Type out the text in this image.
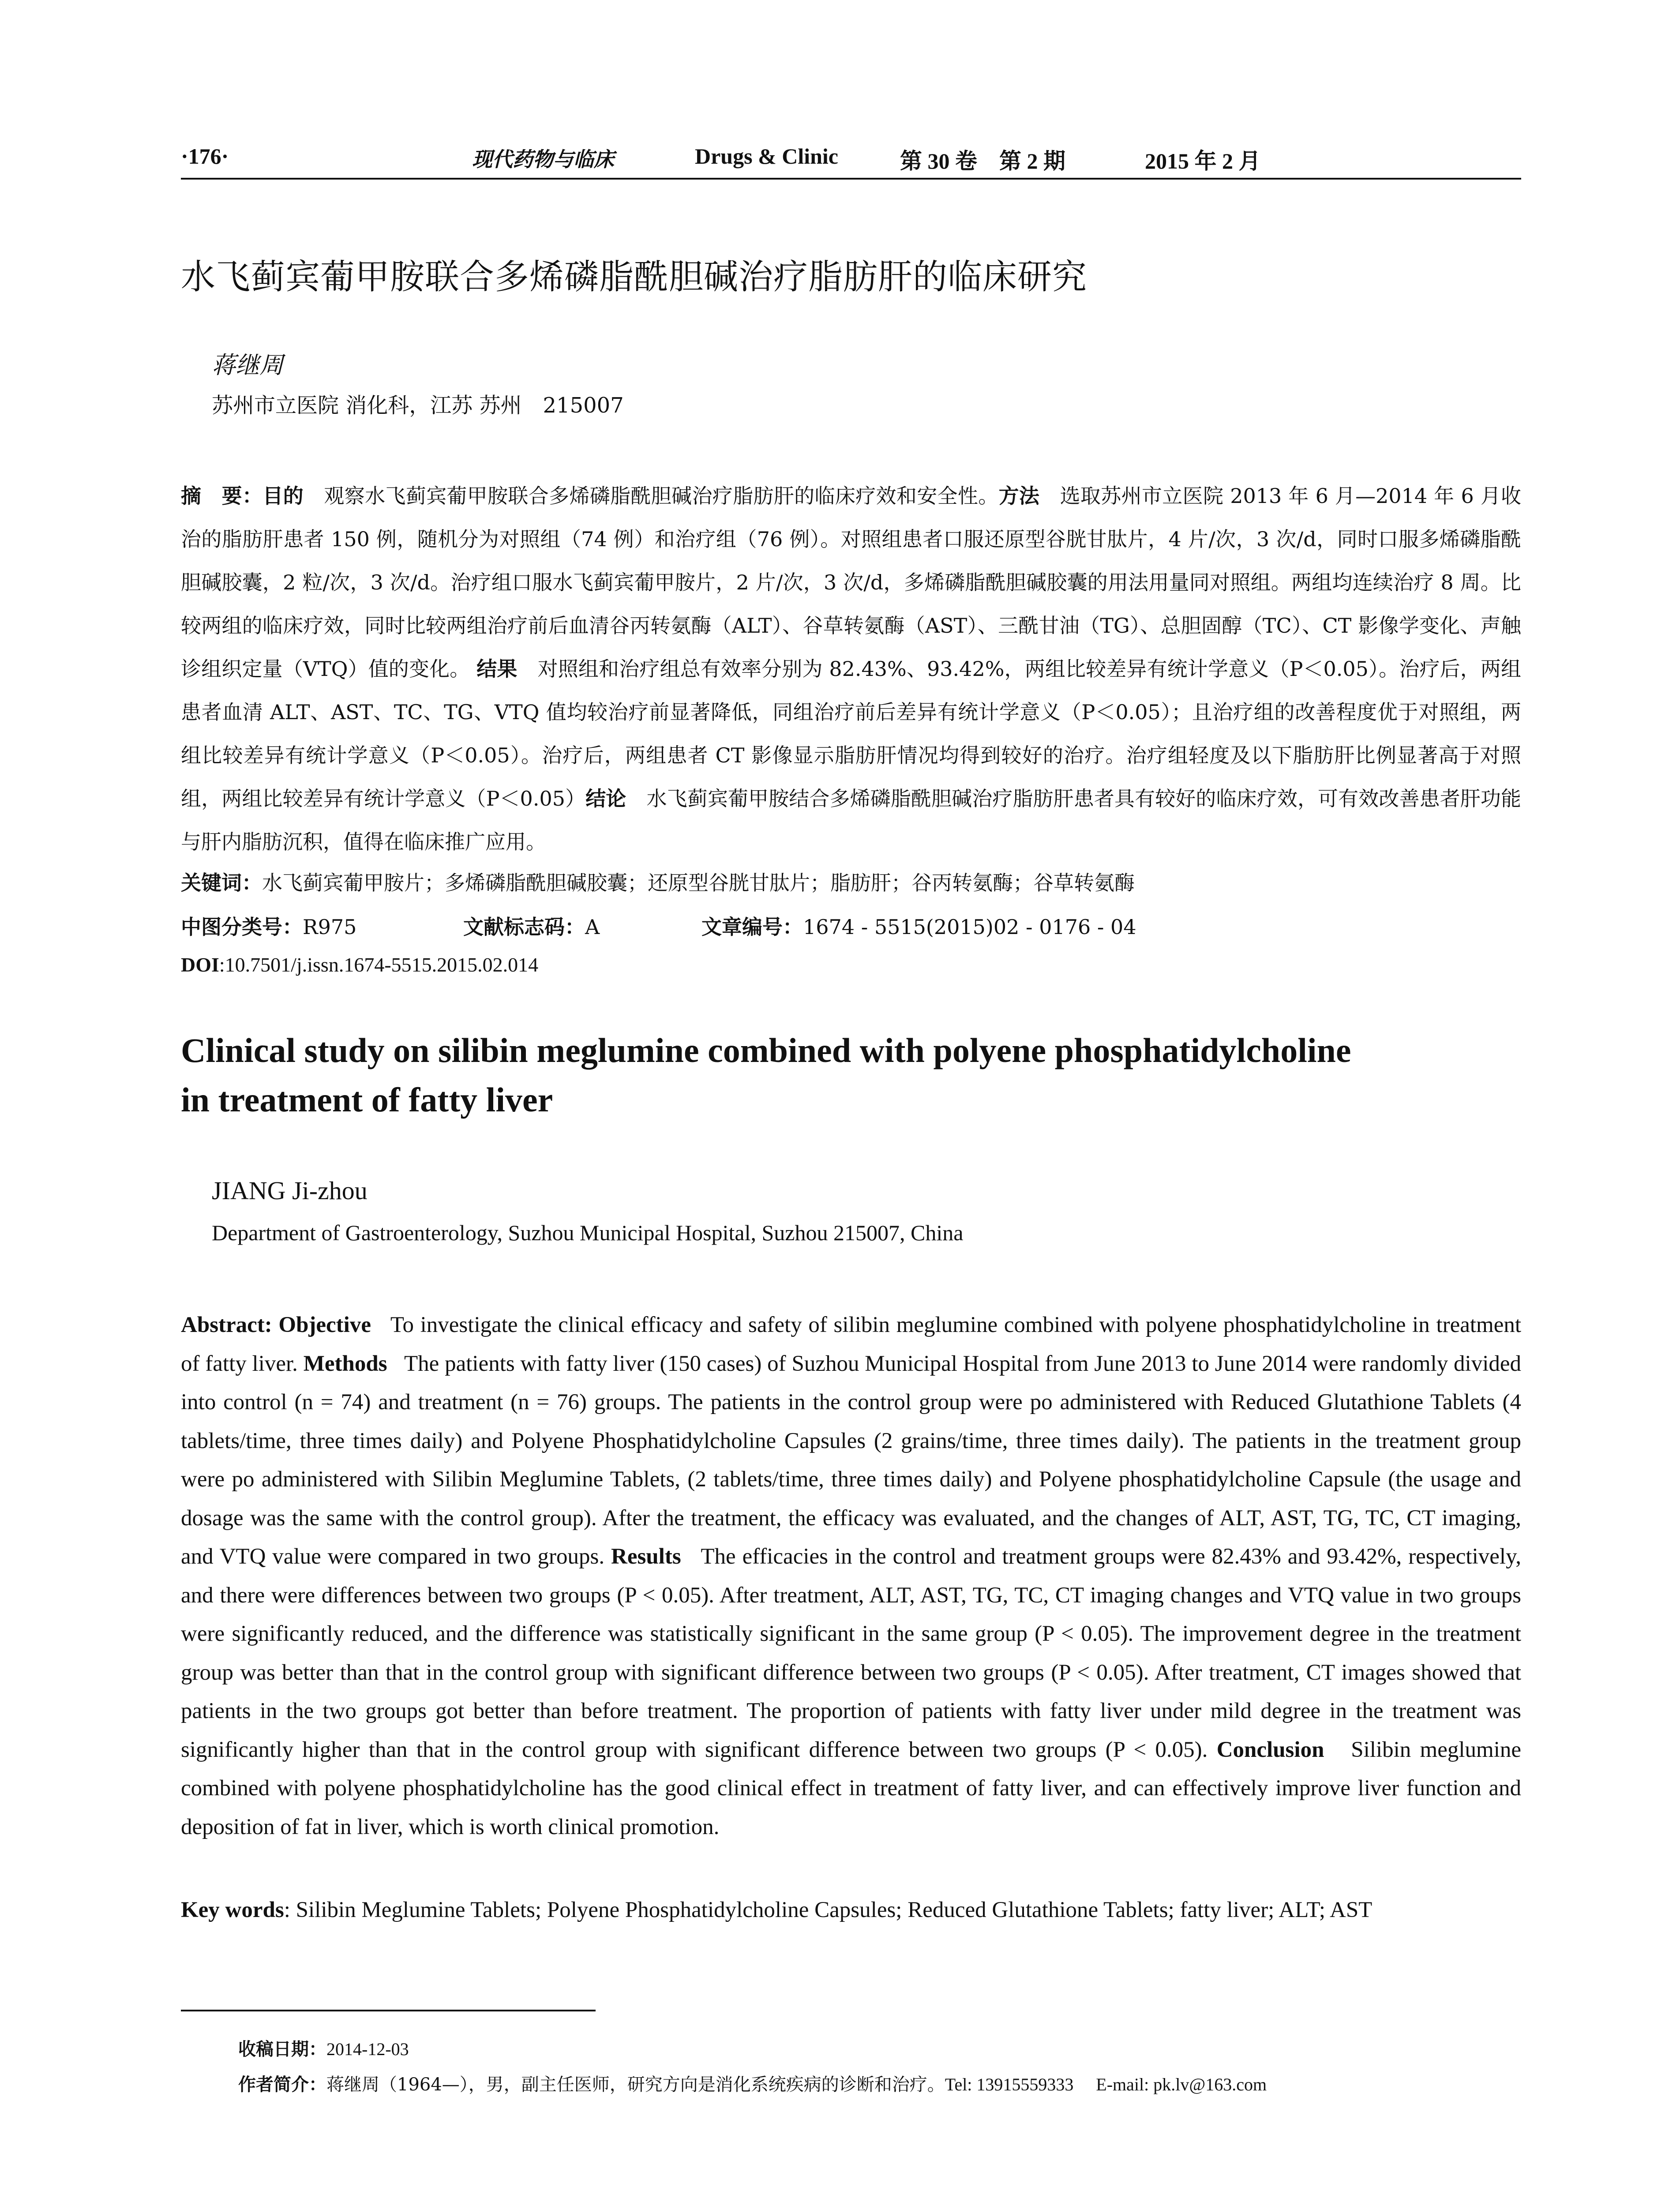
·176·	现代药物与临床	Drugs & Clinic	第 30 卷　第 2 期	2015 年 2 月
水飞蓟宾葡甲胺联合多烯磷脂酰胆碱治疗脂肪肝的临床研究
蒋继周
苏州市立医院 消化科，江苏 苏州　215007
摘　要：目的　 观察水飞蓟宾葡甲胺联合多烯磷脂酰胆碱治疗脂肪肝的临床疗效和安全性。方法　 选取苏州市立医院 2013 年 6 月—2014 年 6 月收治的脂肪肝患者 150 例，随机分为对照组（74 例）和治疗组（76 例）。对照组患者口服还原型谷胱甘肽片，4 片/次，3 次/d，同时口服多烯磷脂酰胆碱胶囊，2 粒/次，3 次/d。治疗组口服水飞蓟宾葡甲胺片，2 片/次，3 次/d，多烯磷脂酰胆碱胶囊的用法用量同对照组。两组均连续治疗 8 周。比较两组的临床疗效，同时比较两组治疗前后血清谷丙转氨酶（ALT）、谷草转氨酶（AST）、三酰甘油（TG）、总胆固醇（TC）、CT 影像学变化、声触诊组织定量（VTQ）值的变化。 结果　 对照组和治疗组总有效率分别为 82.43%、93.42%，两组比较差异有统计学意义（P＜0.05）。治疗后，两组患者血清 ALT、AST、TC、TG、VTQ 值均较治疗前显著降低，同组治疗前后差异有统计学意义（P＜0.05）；且治疗组的改善程度优于对照组，两组比较差异有统计学意义（P＜0.05）。治疗后，两组患者 CT 影像显示脂肪肝情况均得到较好的治疗。治疗组轻度及以下脂肪肝比例显著高于对照组，两组比较差异有统计学意义（P＜0.05）结论　 水飞蓟宾葡甲胺结合多烯磷脂酰胆碱治疗脂肪肝患者具有较好的临床疗效，可有效改善患者肝功能与肝内脂肪沉积，值得在临床推广应用。
关键词：水飞蓟宾葡甲胺片；多烯磷脂酰胆碱胶囊；还原型谷胱甘肽片；脂肪肝；谷丙转氨酶；谷草转氨酶
中图分类号：R975	文献标志码：A	文章编号：1674 - 5515(2015)02 - 0176 - 04
DOI:10.7501/j.issn.1674-5515.2015.02.014
Clinical study on silibin meglumine combined with polyene phosphatidylcholine
in treatment of fatty liver
JIANG Ji-zhou
Department of Gastroenterology, Suzhou Municipal Hospital, Suzhou 215007, China
Abstract: Objective To investigate the clinical efficacy and safety of silibin meglumine combined with polyene phosphatidylcholine in treatment of fatty liver. Methods The patients with fatty liver (150 cases) of Suzhou Municipal Hospital from June 2013 to June 2014 were randomly divided into control (n = 74) and treatment (n = 76) groups. The patients in the control group were po administered with Reduced Glutathione Tablets (4 tablets/time, three times daily) and Polyene Phosphatidylcholine Capsules (2 grains/time, three times daily). The patients in the treatment group were po administered with Silibin Meglumine Tablets, (2 tablets/time, three times daily) and Polyene phosphatidylcholine Capsule (the usage and dosage was the same with the control group). After the treatment, the efficacy was evaluated, and the changes of ALT, AST, TG, TC, CT imaging, and VTQ value were compared in two groups. Results The efficacies in the control and treatment groups were 82.43% and 93.42%, respectively, and there were differences between two groups (P < 0.05). After treatment, ALT, AST, TG, TC, CT imaging changes and VTQ value in two groups were significantly reduced, and the difference was statistically significant in the same group (P < 0.05). The improvement degree in the treatment group was better than that in the control group with significant difference between two groups (P < 0.05). After treatment, CT images showed that patients in the two groups got better than before treatment. The proportion of patients with fatty liver under mild degree in the treatment was significantly higher than that in the control group with significant difference between two groups (P < 0.05). Conclusion Silibin meglumine combined with polyene phosphatidylcholine has the good clinical effect in treatment of fatty liver, and can effectively improve liver function and deposition of fat in liver, which is worth clinical promotion.
Key words: Silibin Meglumine Tablets; Polyene Phosphatidylcholine Capsules; Reduced Glutathione Tablets; fatty liver; ALT; AST
收稿日期：2014-12-03
作者简介：蒋继周（1964—），男，副主任医师，研究方向是消化系统疾病的诊断和治疗。Tel: 13915559333 E-mail: pk.lv@163.com
